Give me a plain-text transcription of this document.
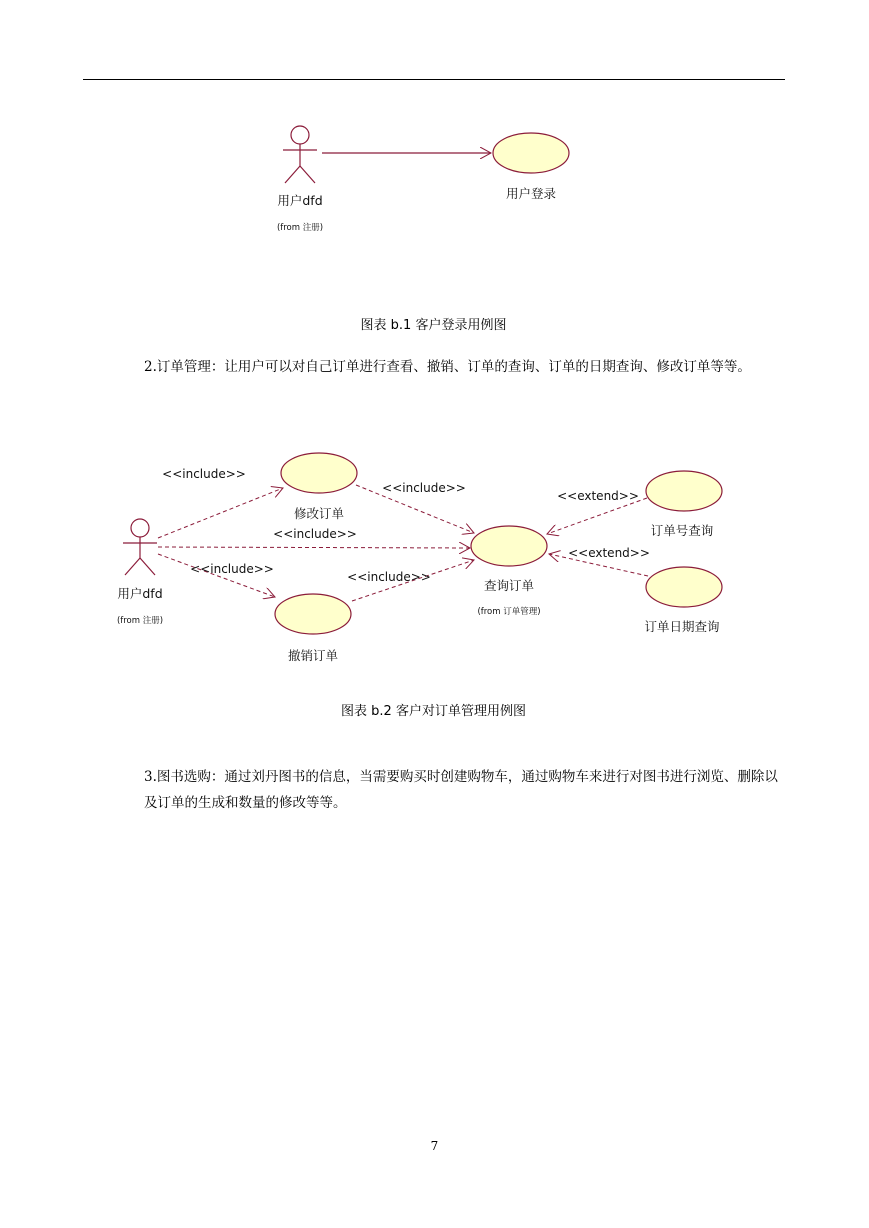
用户dfd
(from 注册)
用户登录
用户dfd
(from 注册)
修改订单
撤销订单
查询订单
(from 订单管理)
订单号查询
订单日期查询
<<include>>
<<include>>
<<include>>
<<include>>
<<include>>
<<extend>>
<<extend>>
图表 b.1 客户登录用例图
2.订单管理：让用户可以对自己订单进行查看、撤销、订单的查询、订单的日期查询、修改订单等等。
图表 b.2 客户对订单管理用例图
3.图书选购：通过刘丹图书的信息，当需要购买时创建购物车，通过购物车来进行对图书进行浏览、删除以及订单的生成和数量的修改等等。
7
